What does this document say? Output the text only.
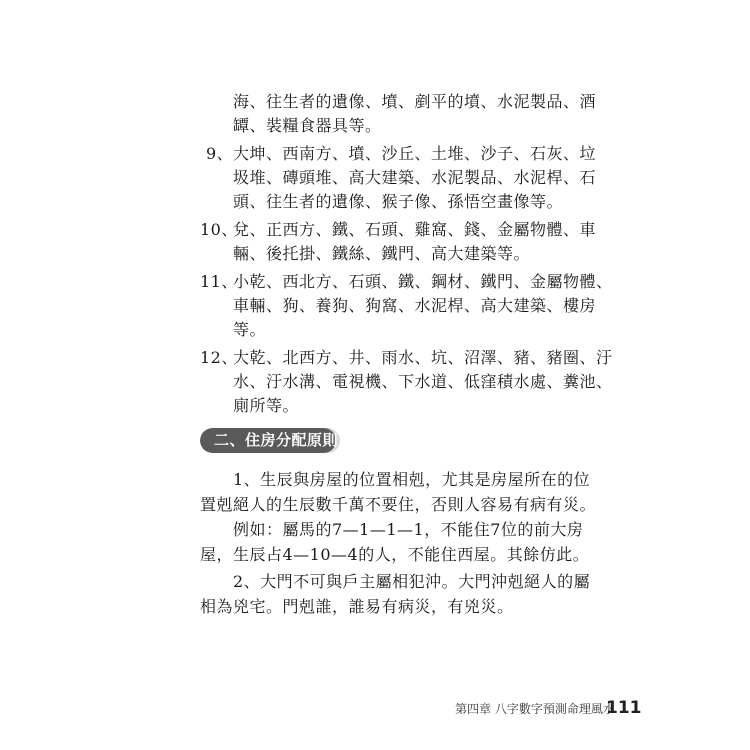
海、往生者的遺像、墳、剷平的墳、水泥製品、酒
罈、裝糧食器具等。
9、 大坤、西南方、墳、沙丘、土堆、沙子、石灰、垃
圾堆、磚頭堆、高大建築、水泥製品、水泥桿、石
頭、往生者的遺像、猴子像、孫悟空畫像等。
10、
兌、正西方、鐵、石頭、雞窩、錢、金屬物體、車
輛、後托掛、鐵絲、鐵門、高大建築等。
11、
小乾、西北方、石頭、鐵、鋼材、鐵門、金屬物體、
車輛、狗、養狗、狗窩、水泥桿、高大建築、樓房
等。
12、
大乾、北西方、井、雨水、坑、沼澤、豬、豬圈、汙
水、汙水溝、電視機、下水道、低窪積水處、糞池、
廁所等。
二、住房分配原則
1、生辰與房屋的位置相剋，尤其是房屋所在的位
置剋絕人的生辰數千萬不要住，否則人容易有病有災。
例如：屬馬的7—1—1—1，不能住7位的前大房
屋，生辰占4—10—4的人，不能住西屋。其餘仿此。
2、大門不可與戶主屬相犯沖。大門沖剋絕人的屬
相為兇宅。門剋誰，誰易有病災，有兇災。
第四章 八字數字預測命理風水
111
